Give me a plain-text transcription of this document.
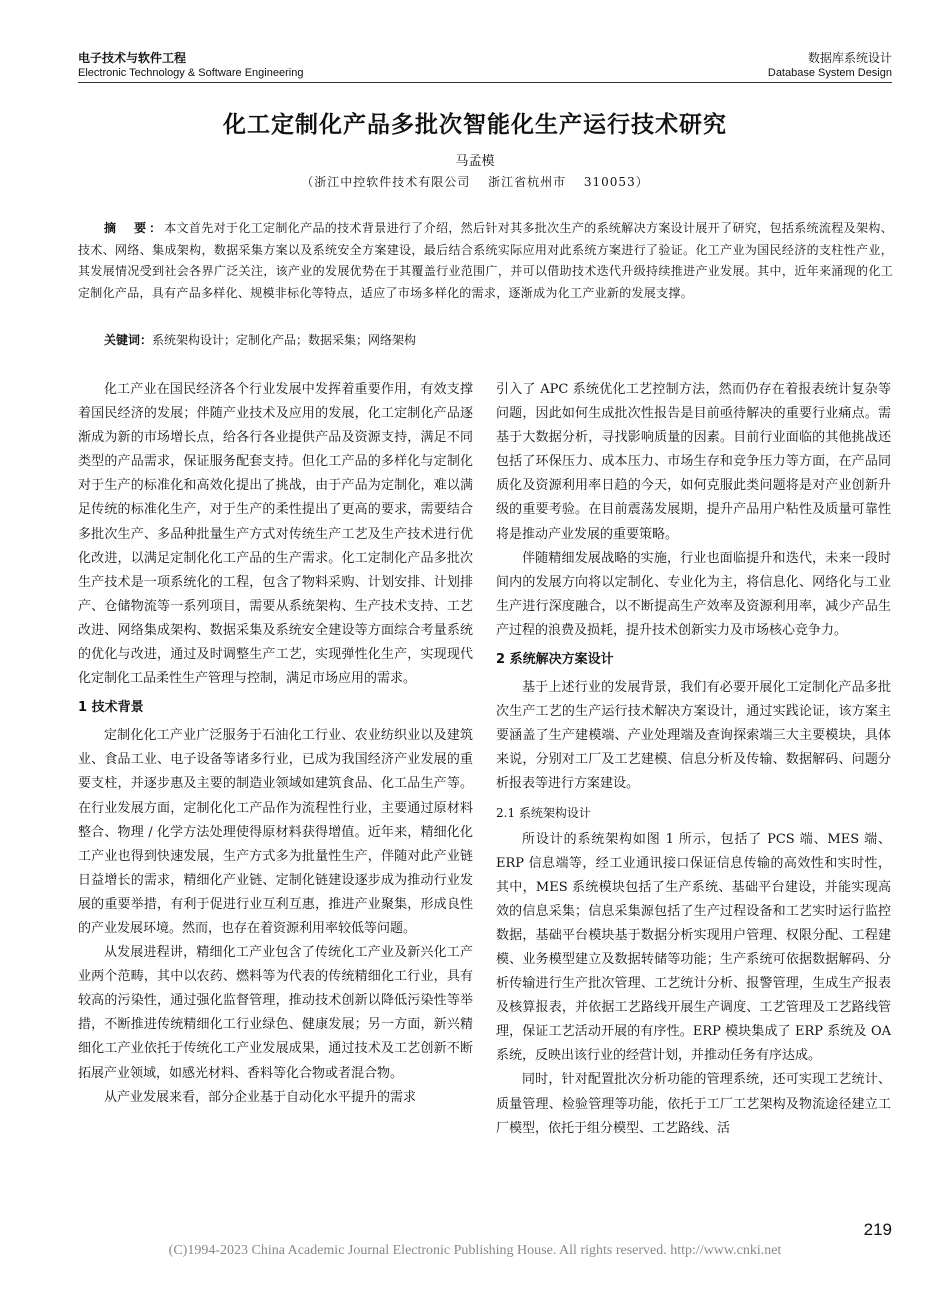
电子技术与软件工程
Electronic Technology & Software Engineering
数据库系统设计
Database System Design
化工定制化产品多批次智能化生产运行技术研究
马孟模
（浙江中控软件技术有限公司　 浙江省杭州市　 310053）
摘　要：本文首先对于化工定制化产品的技术背景进行了介绍，然后针对其多批次生产的系统解决方案设计展开了研究，包括系统流程及架构、技术、网络、集成架构，数据采集方案以及系统安全方案建设，最后结合系统实际应用对此系统方案进行了验证。化工产业为国民经济的支柱性产业，其发展情况受到社会各界广泛关注，该产业的发展优势在于其覆盖行业范围广，并可以借助技术迭代升级持续推进产业发展。其中，近年来涌现的化工定制化产品，具有产品多样化、规模非标化等特点，适应了市场多样化的需求，逐渐成为化工产业新的发展支撑。
关键词：系统架构设计；定制化产品；数据采集；网络架构

化工产业在国民经济各个行业发展中发挥着重要作用，有效支撑着国民经济的发展；伴随产业技术及应用的发展，化工定制化产品逐渐成为新的市场增长点，给各行各业提供产品及资源支持，满足不同类型的产品需求，保证服务配套支持。但化工产品的多样化与定制化对于生产的标准化和高效化提出了挑战，由于产品为定制化，难以满足传统的标准化生产，对于生产的柔性提出了更高的要求，需要结合多批次生产、多品种批量生产方式对传统生产工艺及生产技术进行优化改进，以满足定制化化工产品的生产需求。化工定制化产品多批次生产技术是一项系统化的工程，包含了物料采购、计划安排、计划排产、仓储物流等一系列项目，需要从系统架构、生产技术支持、工艺改进、网络集成架构、数据采集及系统安全建设等方面综合考量系统的优化与改进，通过及时调整生产工艺，实现弹性化生产，实现现代化定制化工品柔性生产管理与控制，满足市场应用的需求。

1 技术背景

定制化化工产业广泛服务于石油化工行业、农业纺织业以及建筑业、食品工业、电子设备等诸多行业，已成为我国经济产业发展的重要支柱，并逐步惠及主要的制造业领域如建筑食品、化工品生产等。在行业发展方面，定制化化工产品作为流程性行业，主要通过原材料整合、物理 / 化学方法处理使得原材料获得增值。近年来，精细化化工产业也得到快速发展，生产方式多为批量性生产，伴随对此产业链日益增长的需求，精细化产业链、定制化链建设逐步成为推动行业发展的重要举措，有利于促进行业互利互惠，推进产业聚集，形成良性的产业发展环境。然而，也存在着资源利用率较低等问题。

从发展进程讲，精细化工产业包含了传统化工产业及新兴化工产业两个范畴，其中以农药、燃料等为代表的传统精细化工行业，具有较高的污染性，通过强化监督管理，推动技术创新以降低污染性等举措，不断推进传统精细化工行业绿色、健康发展；另一方面，新兴精细化工产业依托于传统化工产业发展成果，通过技术及工艺创新不断拓展产业领域，如感光材料、香料等化合物或者混合物。

从产业发展来看，部分企业基于自动化水平提升的需求

引入了 APC 系统优化工艺控制方法，然而仍存在着报表统计复杂等问题，因此如何生成批次性报告是目前亟待解决的重要行业痛点。需基于大数据分析，寻找影响质量的因素。目前行业面临的其他挑战还包括了环保压力、成本压力、市场生存和竞争压力等方面，在产品同质化及资源利用率日趋的今天，如何克服此类问题将是对产业创新升级的重要考验。在目前震荡发展期，提升产品用户粘性及质量可靠性将是推动产业发展的重要策略。

伴随精细发展战略的实施，行业也面临提升和迭代，未来一段时间内的发展方向将以定制化、专业化为主，将信息化、网络化与工业生产进行深度融合，以不断提高生产效率及资源利用率，减少产品生产过程的浪费及损耗，提升技术创新实力及市场核心竞争力。

2 系统解决方案设计

基于上述行业的发展背景，我们有必要开展化工定制化产品多批次生产工艺的生产运行技术解决方案设计，通过实践论证，该方案主要涵盖了生产建模端、产业处理端及查询探索端三大主要模块，具体来说，分别对工厂及工艺建模、信息分析及传输、数据解码、问题分析报表等进行方案建设。

2.1 系统架构设计

所设计的系统架构如图 1 所示，包括了 PCS 端、MES 端、ERP 信息端等，经工业通讯接口保证信息传输的高效性和实时性，其中，MES 系统模块包括了生产系统、基础平台建设，并能实现高效的信息采集；信息采集源包括了生产过程设备和工艺实时运行监控数据，基础平台模块基于数据分析实现用户管理、权限分配、工程建模、业务模型建立及数据转储等功能；生产系统可依据数据解码、分析传输进行生产批次管理、工艺统计分析、报警管理，生成生产报表及核算报表，并依据工艺路线开展生产调度、工艺管理及工艺路线管理，保证工艺活动开展的有序性。ERP 模块集成了 ERP 系统及 OA 系统，反映出该行业的经营计划，并推动任务有序达成。

同时，针对配置批次分析功能的管理系统，还可实现工艺统计、质量管理、检验管理等功能，依托于工厂工艺架构及物流途径建立工厂模型，依托于组分模型、工艺路线、活

219
(C)1994-2023 China Academic Journal Electronic Publishing House. All rights reserved. http://www.cnki.net
